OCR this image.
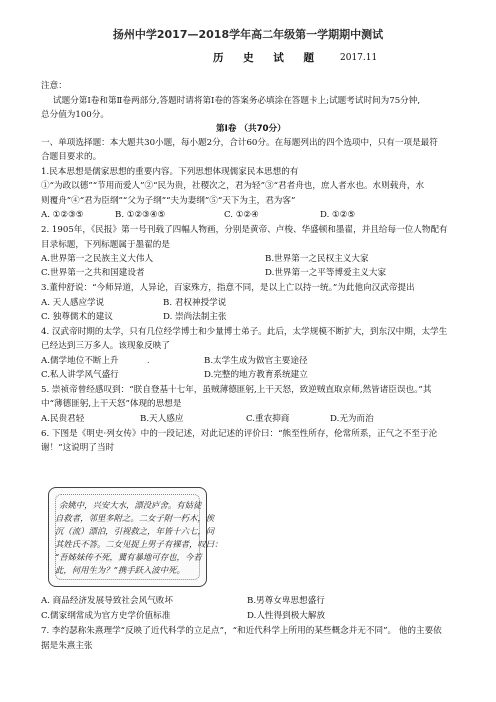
扬州中学2017—2018学年高二年级第一学期期中测试
历 史 试 题 2017.11
注意：
试题分第Ⅰ卷和第Ⅱ卷两部分,答题时请将第Ⅰ卷的答案务必填涂在答题卡上;试题考试时间为75分钟,
总分值为100分。
第Ⅰ卷 （共70分）
一、单项选择题：本大题共30小题，每小题2分，合计60分。在每题列出的四个选项中，只有一项是最符
合题目要求的。
1.民本思想是儒家思想的重要内容。下列思想体现儒家民本思想的有
①“为政以德”“节用而爱人”②“民为贵，社稷次之，君为轻”③“君者舟也，庶人者水也。水则载舟，水
则覆舟”④“君为臣纲”“父为子纲”“夫为妻纲”⑤“天下为主，君为客”
A. ①②③⑤	B. ①②③④⑤	C. ①②④	D. ①②⑤
2. 1905年，《民报》第一号刊载了四幅人物画，分别是黄帝、卢梭、华盛顿和墨翟，并且给每一位人物配有
目录标题，下列标题属于墨翟的是
A.世界第一之民族主义大伟人	B.世界第一之民权主义大家
C.世界第一之共和国建设者	D.世界第一之平等博爱主义大家
3.董仲舒说：“今师异道，人异论，百家殊方，指意不同，是以上亡以持一统。”为此他向汉武帝提出
A. 天人感应学说	B. 君权神授学说
C. 独尊儒术的建议	D. 崇尚法制主张
4. 汉武帝时期的太学，只有几位经学博士和少量博士弟子。此后，太学规模不断扩大，到东汉中期，太学生
已经达到三万多人。该现象反映了
A.儒学地位不断上升	.	B.太学生成为做官主要途径
C.私人讲学风气盛行	D.完整的地方教育系统建立
5. 崇祯帝曾经感叹到：“朕自登基十七年，虽贼薄德匪躬,上干天怒，致逆贼直取京师,然皆诸臣误也。”其
中“薄德匪躬,上干天怒”体现的思想是
A.民贵君轻	B.天人感应	C.重农抑商	D.无为而治
6. 下图是《明史·列女传》中的一段记述，对此记述的评价曰：“熊至性所存，伦常所系，正气之不至于沦
谢！”这说明了当时
余姚中，兴安大水，漂没庐舍。有姑徒
自救者，邻里多附之。二女子附一朽木，俟
沉（流）漂泊，引视救之，年皆十六七，问
其姓氏不答。二女见捉上男子有裸者，叹曰：
“吾姊妹传不死，冀有暴地可存也，今若
此，何用生为？”携手跃入波中死。
A. 商品经济发展导致社会风气败坏	B.男尊女卑思想盛行
C.儒家纲常成为官方史学价值标准	D.人性得到极大解放
7. 李约瑟称朱熹理学“反映了近代科学的立足点”，“和近代科学上所用的某些概念并无不同”。 他的主要依
据是朱熹主张
